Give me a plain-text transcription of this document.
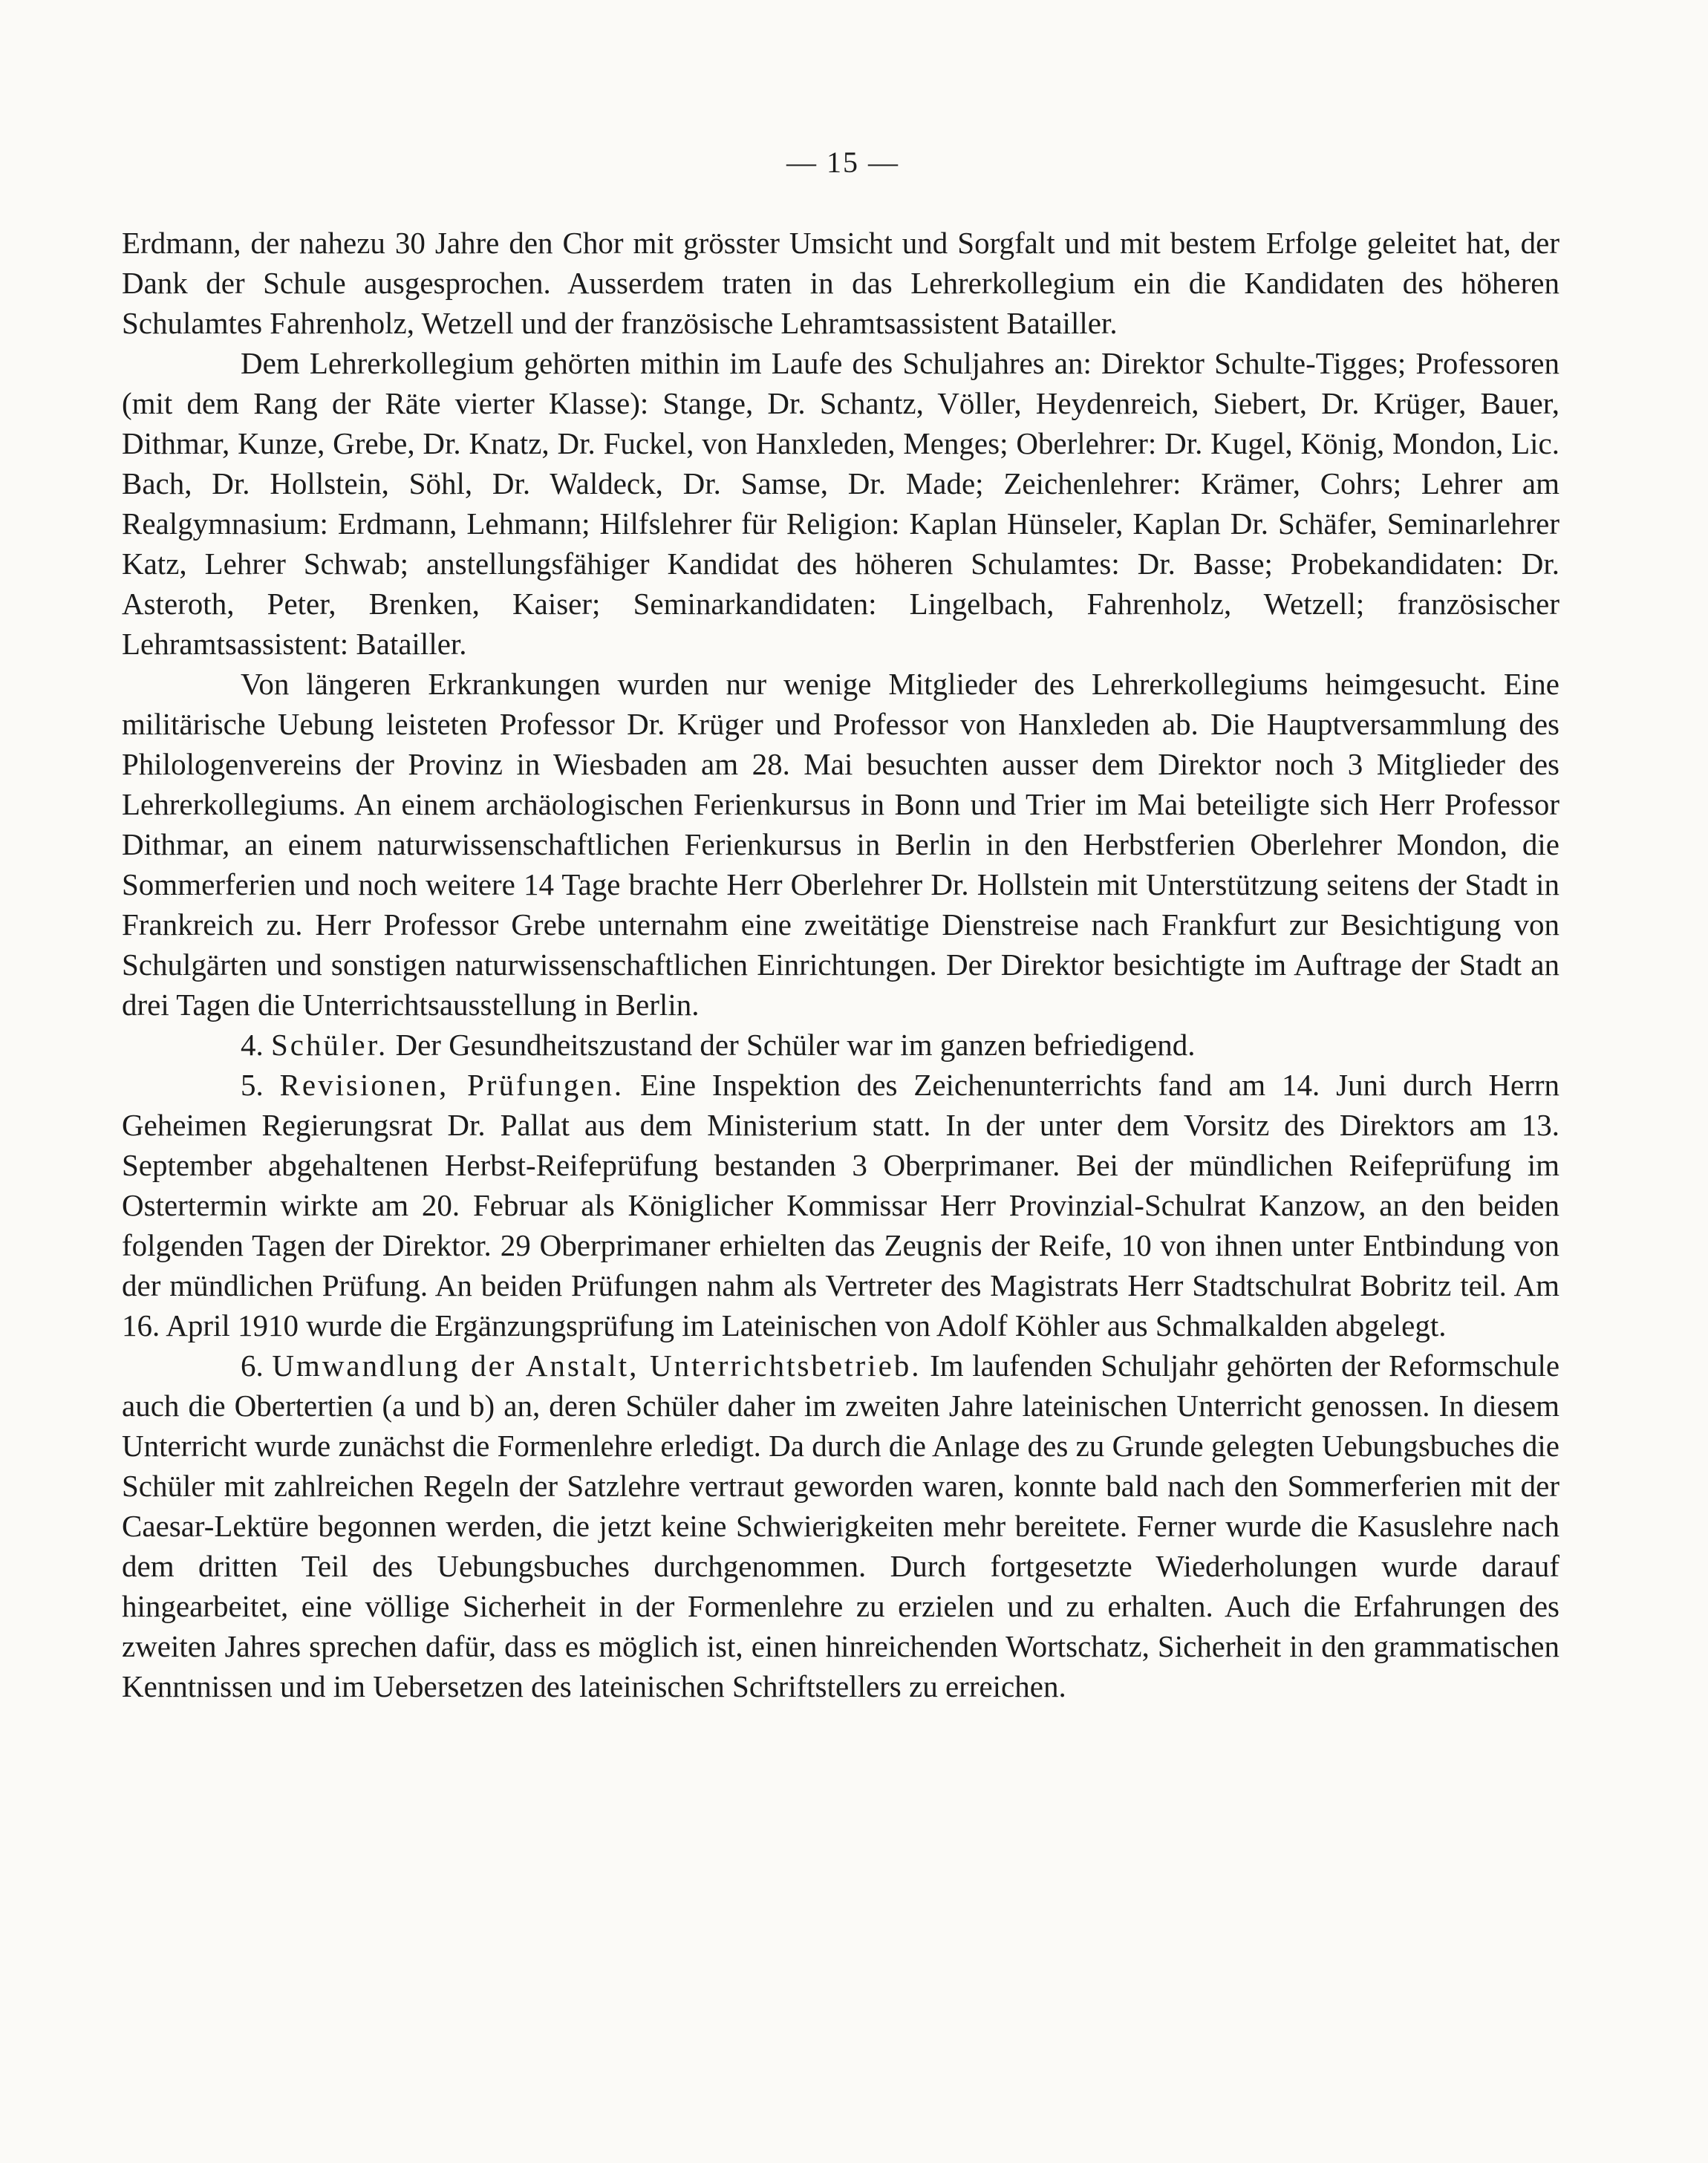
— 15 —

Erdmann, der nahezu 30 Jahre den Chor mit grösster Umsicht und Sorgfalt und mit bestem Erfolge geleitet hat, der Dank der Schule ausgesprochen. Ausserdem traten in das Lehrerkollegium ein die Kandidaten des höheren Schulamtes Fahrenholz, Wetzell und der französische Lehramtsassistent Batailler.

Dem Lehrerkollegium gehörten mithin im Laufe des Schuljahres an: Direktor Schulte-Tigges; Professoren (mit dem Rang der Räte vierter Klasse): Stange, Dr. Schantz, Völler, Heydenreich, Siebert, Dr. Krüger, Bauer, Dithmar, Kunze, Grebe, Dr. Knatz, Dr. Fuckel, von Hanxleden, Menges; Oberlehrer: Dr. Kugel, König, Mondon, Lic. Bach, Dr. Hollstein, Söhl, Dr. Waldeck, Dr. Samse, Dr. Made; Zeichenlehrer: Krämer, Cohrs; Lehrer am Realgymnasium: Erdmann, Lehmann; Hilfslehrer für Religion: Kaplan Hünseler, Kaplan Dr. Schäfer, Seminarlehrer Katz, Lehrer Schwab; anstellungsfähiger Kandidat des höheren Schulamtes: Dr. Basse; Probekandidaten: Dr. Asteroth, Peter, Brenken, Kaiser; Seminarkandidaten: Lingelbach, Fahrenholz, Wetzell; französischer Lehramtsassistent: Batailler.

Von längeren Erkrankungen wurden nur wenige Mitglieder des Lehrerkollegiums heimgesucht. Eine militärische Uebung leisteten Professor Dr. Krüger und Professor von Hanxleden ab. Die Hauptversammlung des Philologenvereins der Provinz in Wiesbaden am 28. Mai besuchten ausser dem Direktor noch 3 Mitglieder des Lehrerkollegiums. An einem archäologischen Ferienkursus in Bonn und Trier im Mai beteiligte sich Herr Professor Dithmar, an einem naturwissenschaftlichen Ferienkursus in Berlin in den Herbstferien Oberlehrer Mondon, die Sommerferien und noch weitere 14 Tage brachte Herr Oberlehrer Dr. Hollstein mit Unterstützung seitens der Stadt in Frankreich zu. Herr Professor Grebe unternahm eine zweitätige Dienstreise nach Frankfurt zur Besichtigung von Schulgärten und sonstigen naturwissenschaftlichen Einrichtungen. Der Direktor besichtigte im Auftrage der Stadt an drei Tagen die Unterrichtsausstellung in Berlin.

4. Schüler. Der Gesundheitszustand der Schüler war im ganzen befriedigend.

5. Revisionen, Prüfungen. Eine Inspektion des Zeichenunterrichts fand am 14. Juni durch Herrn Geheimen Regierungsrat Dr. Pallat aus dem Ministerium statt. In der unter dem Vorsitz des Direktors am 13. September abgehaltenen Herbst-Reifeprüfung bestanden 3 Oberprimaner. Bei der mündlichen Reifeprüfung im Ostertermin wirkte am 20. Februar als Königlicher Kommissar Herr Provinzial-Schulrat Kanzow, an den beiden folgenden Tagen der Direktor. 29 Oberprimaner erhielten das Zeugnis der Reife, 10 von ihnen unter Entbindung von der mündlichen Prüfung. An beiden Prüfungen nahm als Vertreter des Magistrats Herr Stadtschulrat Bobritz teil. Am 16. April 1910 wurde die Ergänzungsprüfung im Lateinischen von Adolf Köhler aus Schmalkalden abgelegt.

6. Umwandlung der Anstalt, Unterrichtsbetrieb. Im laufenden Schuljahr gehörten der Reformschule auch die Obertertien (a und b) an, deren Schüler daher im zweiten Jahre lateinischen Unterricht genossen. In diesem Unterricht wurde zunächst die Formenlehre erledigt. Da durch die Anlage des zu Grunde gelegten Uebungsbuches die Schüler mit zahlreichen Regeln der Satzlehre vertraut geworden waren, konnte bald nach den Sommerferien mit der Caesar-Lektüre begonnen werden, die jetzt keine Schwierigkeiten mehr bereitete. Ferner wurde die Kasuslehre nach dem dritten Teil des Uebungsbuches durchgenommen. Durch fortgesetzte Wiederholungen wurde darauf hingearbeitet, eine völlige Sicherheit in der Formenlehre zu erzielen und zu erhalten. Auch die Erfahrungen des zweiten Jahres sprechen dafür, dass es möglich ist, einen hinreichenden Wortschatz, Sicherheit in den grammatischen Kenntnissen und im Uebersetzen des lateinischen Schriftstellers zu erreichen.
